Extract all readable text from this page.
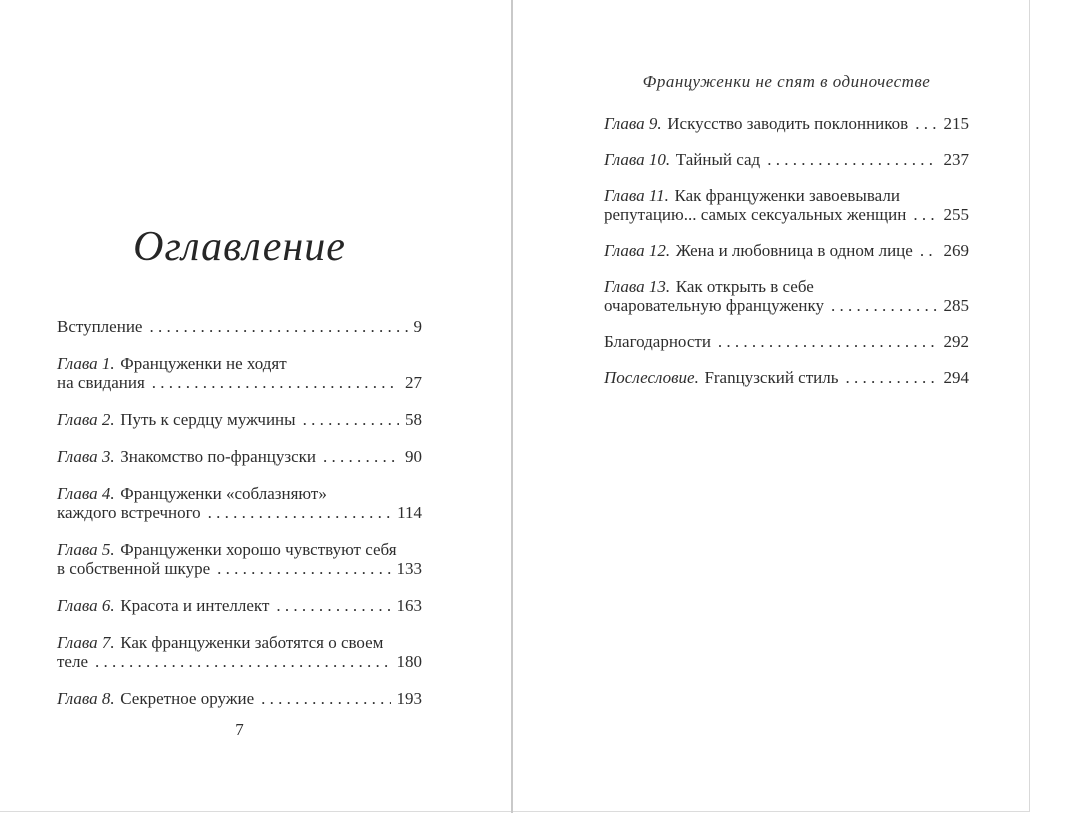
Оглавление
Вступление . . .	9
Глава 1. Француженки не ходят
на свидания . . .	27
Глава 2. Путь к сердцу мужчины . . .	58
Глава 3. Знакомство по-французски . . .	90
Глава 4. Француженки «соблазняют»
каждого встречного . . .	114
Глава 5. Француженки хорошо чувствуют себя
в собственной шкуре . . .	133
Глава 6. Красота и интеллект . . .	163
Глава 7. Как француженки заботятся о своем
теле . . .	180
Глава 8. Секретное оружие . . .	193
7
Француженки не спят в одиночестве
Глава 9. Искусство заводить поклонников . . . 215
Глава 10. Тайный сад . . .	237
Глава 11. Как француженки завоевывали
репутацию... самых сексуальных женщин . . . 255
Глава 12. Жена и любовница в одном лице . . . 269
Глава 13. Как открыть в себе
очаровательную француженку . . .	285
Благодарности . . .	292
Послесловие. Franцузский стиль . . .	294
